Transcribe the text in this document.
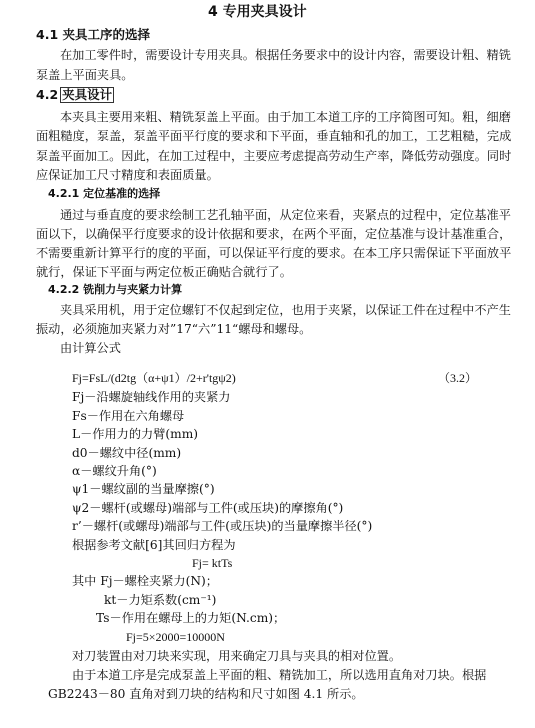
4 专用夹具设计
4.1 夹具工序的选择
在加工零件时，需要设计专用夹具。根据任务要求中的设计内容，需要设计粗、精铣
泵盖上平面夹具。
4.2 夹具设计
本夹具主要用来粗、精铣泵盖上平面。由于加工本道工序的工序简图可知。粗，细磨
面粗糙度，泵盖，泵盖平面平行度的要求和下平面，垂直轴和孔的加工，工艺粗糙，完成
泵盖平面加工。因此，在加工过程中，主要应考虑提高劳动生产率，降低劳动强度。同时
应保证加工尺寸精度和表面质量。
4.2.1 定位基准的选择
通过与垂直度的要求绘制工艺孔轴平面，从定位来看，夹紧点的过程中，定位基准平
面以下，以确保平行度要求的设计依据和要求，在两个平面，定位基准与设计基准重合，
不需要重新计算平行的度的平面，可以保证平行度的要求。在本工序只需保证下平面放平
就行，保证下平面与两定位板正确贴合就行了。
4.2.2 铣削力与夹紧力计算
夹具采用机，用于定位螺钉不仅起到定位，也用于夹紧，以保证工件在过程中不产生
振动，必须施加夹紧力对”17“六”11“螺母和螺母。
由计算公式
Fj=FsL/(d2tg（α+ψ1）/2+r'tgψ2)	（3.2）
Fj－沿螺旋轴线作用的夹紧力
Fs－作用在六角螺母
L－作用力的力臂(mm)
d0－螺纹中径(mm)
α－螺纹升角(°)
ψ1－螺纹副的当量摩擦(°)
ψ2－螺杆(或螺母)端部与工件(或压块)的摩擦角(°)
r’－螺杆(或螺母)端部与工件(或压块)的当量摩擦半径(°)
根据参考文献[6]其回归方程为
Fj= ktTs
其中 Fj－螺栓夹紧力(N)；
kt－力矩系数(cm⁻¹)
Ts－作用在螺母上的力矩(N.cm)；
Fj=5×2000=10000N
对刀装置由对刀块来实现，用来确定刀具与夹具的相对位置。
由于本道工序是完成泵盖上平面的粗、精铣加工，所以选用直角对刀块。根据
GB2243－80 直角对到刀块的结构和尺寸如图 4.1 所示。
